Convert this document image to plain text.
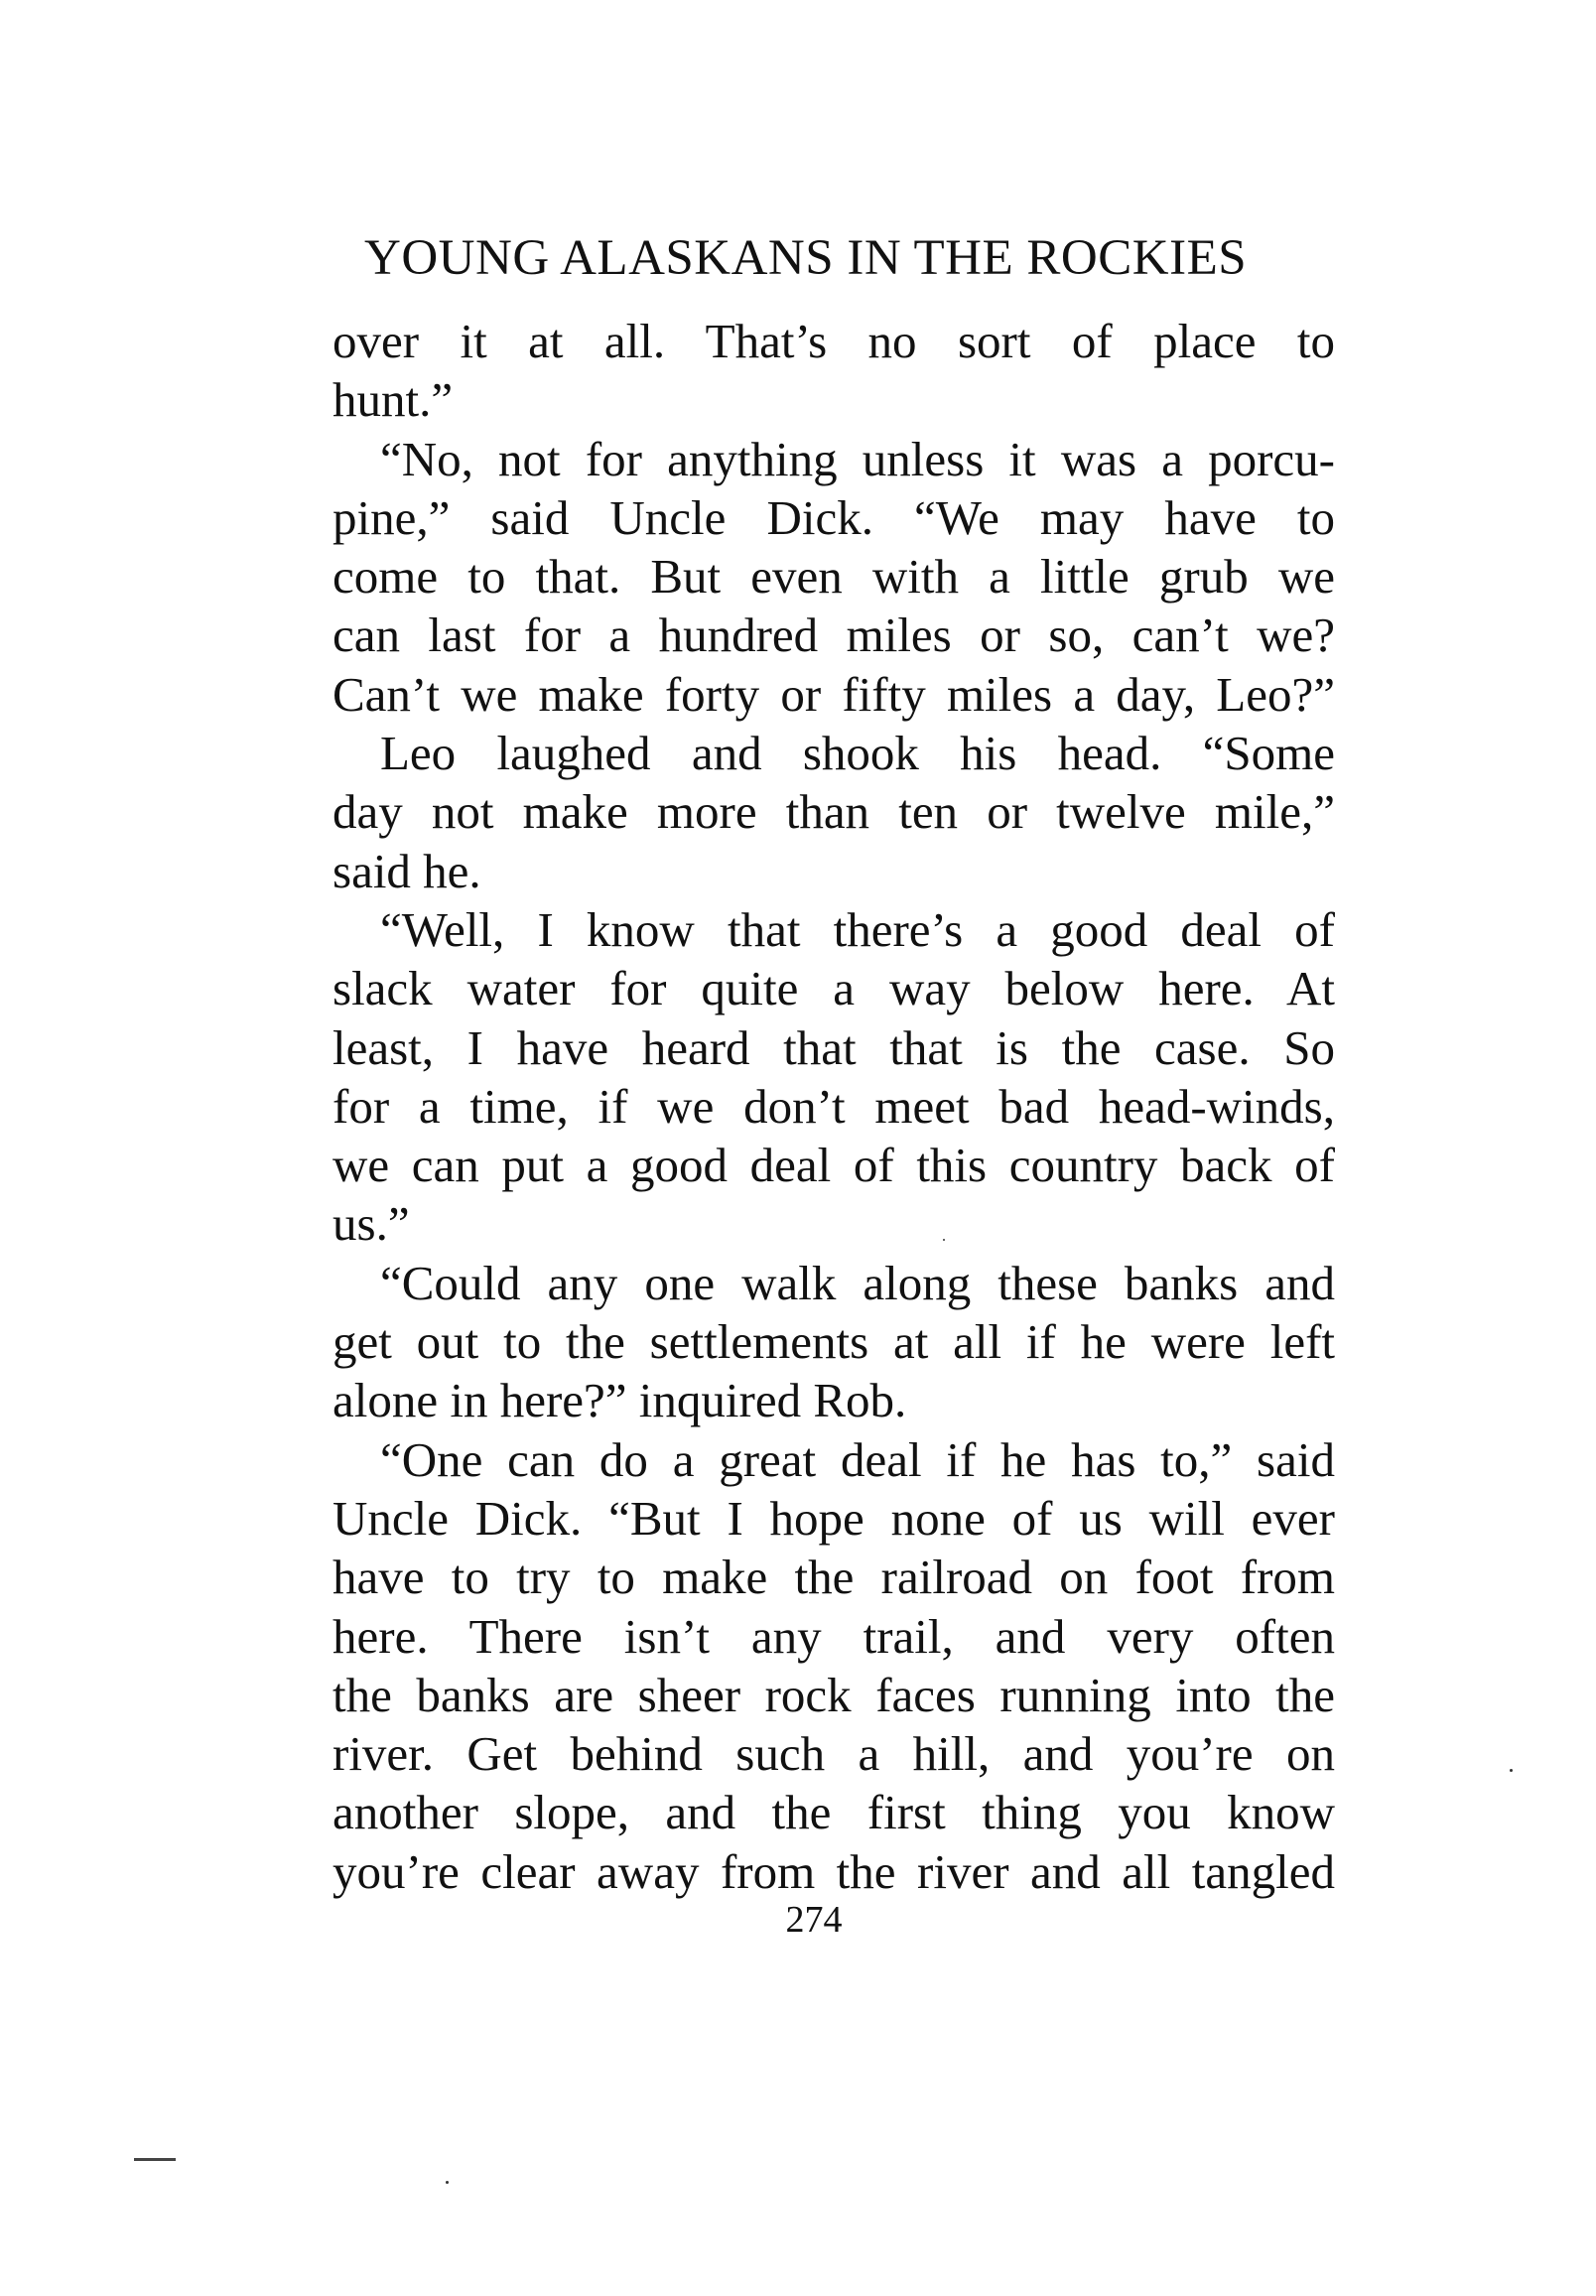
YOUNG ALASKANS IN THE ROCKIES
over it at all. That’s no sort of place to
hunt.”
“No, not for anything unless it was a porcu-
pine,” said Uncle Dick. “We may have to
come to that. But even with a little grub we
can last for a hundred miles or so, can’t we?
Can’t we make forty or fifty miles a day, Leo?”
Leo laughed and shook his head. “Some
day not make more than ten or twelve mile,”
said he.
“Well, I know that there’s a good deal of
slack water for quite a way below here. At
least, I have heard that that is the case. So
for a time, if we don’t meet bad head-winds,
we can put a good deal of this country back of
us.”
“Could any one walk along these banks and
get out to the settlements at all if he were left
alone in here?” inquired Rob.
“One can do a great deal if he has to,” said
Uncle Dick. “But I hope none of us will ever
have to try to make the railroad on foot from
here. There isn’t any trail, and very often
the banks are sheer rock faces running into the
river. Get behind such a hill, and you’re on
another slope, and the first thing you know
you’re clear away from the river and all tangled
274
